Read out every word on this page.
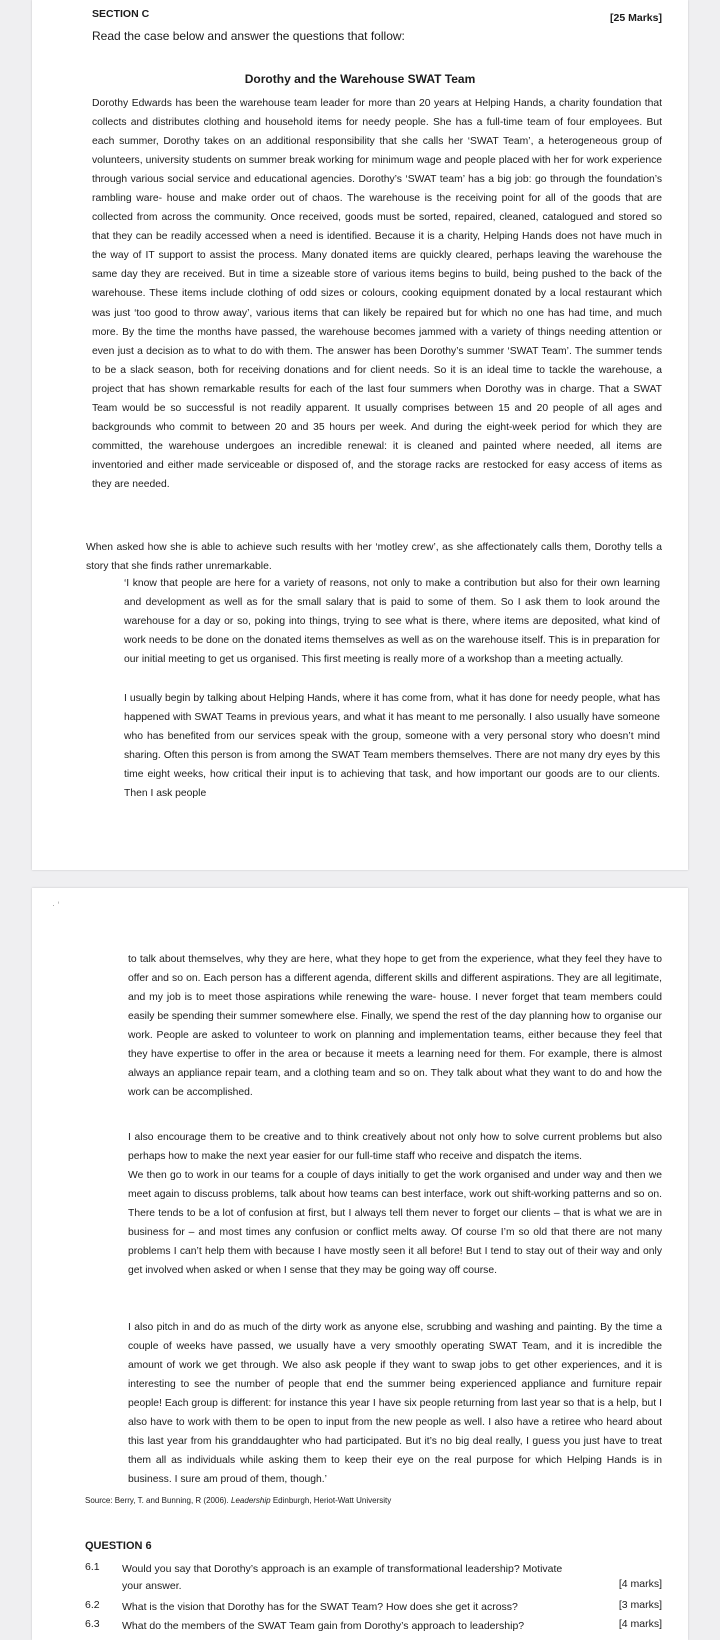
SECTION C	[25 Marks]
Read the case below and answer the questions that follow:
Dorothy and the Warehouse SWAT Team
Dorothy Edwards has been the warehouse team leader for more than 20 years at Helping Hands, a charity foundation that collects and distributes clothing and household items for needy people. She has a full-time team of four employees. But each summer, Dorothy takes on an additional responsibility that she calls her ‘SWAT Team’, a heterogeneous group of volunteers, university students on summer break working for minimum wage and people placed with her for work experience through various social service and educational agencies. Dorothy’s ‘SWAT team’ has a big job: go through the foundation’s rambling ware- house and make order out of chaos. The warehouse is the receiving point for all of the goods that are collected from across the community. Once received, goods must be sorted, repaired, cleaned, catalogued and stored so that they can be readily accessed when a need is identified. Because it is a charity, Helping Hands does not have much in the way of IT support to assist the process. Many donated items are quickly cleared, perhaps leaving the warehouse the same day they are received. But in time a sizeable store of various items begins to build, being pushed to the back of the warehouse. These items include clothing of odd sizes or colours, cooking equipment donated by a local restaurant which was just ‘too good to throw away’, various items that can likely be repaired but for which no one has had time, and much more. By the time the months have passed, the warehouse becomes jammed with a variety of things needing attention or even just a decision as to what to do with them. The answer has been Dorothy’s summer ‘SWAT Team’. The summer tends to be a slack season, both for receiving donations and for client needs. So it is an ideal time to tackle the warehouse, a project that has shown remarkable results for each of the last four summers when Dorothy was in charge. That a SWAT Team would be so successful is not readily apparent. It usually comprises between 15 and 20 people of all ages and backgrounds who commit to between 20 and 35 hours per week. And during the eight-week period for which they are committed, the warehouse undergoes an incredible renewal: it is cleaned and painted where needed, all items are inventoried and either made serviceable or disposed of, and the storage racks are restocked for easy access of items as they are needed.
When asked how she is able to achieve such results with her ‘motley crew’, as she affectionately calls them, Dorothy tells a story that she finds rather unremarkable.
‘I know that people are here for a variety of reasons, not only to make a contribution but also for their own learning and development as well as for the small salary that is paid to some of them. So I ask them to look around the warehouse for a day or so, poking into things, trying to see what is there, where items are deposited, what kind of work needs to be done on the donated items themselves as well as on the warehouse itself. This is in preparation for our initial meeting to get us organised. This first meeting is really more of a workshop than a meeting actually.
I usually begin by talking about Helping Hands, where it has come from, what it has done for needy people, what has happened with SWAT Teams in previous years, and what it has meant to me personally. I also usually have someone who has benefited from our services speak with the group, someone with a very personal story who doesn’t mind sharing. Often this person is from among the SWAT Team members themselves. There are not many dry eyes by this time eight weeks, how critical their input is to achieving that task, and how important our goods are to our clients. Then I ask people
· ‘
to talk about themselves, why they are here, what they hope to get from the experience, what they feel they have to offer and so on. Each person has a different agenda, different skills and different aspirations. They are all legitimate, and my job is to meet those aspirations while renewing the ware- house. I never forget that team members could easily be spending their summer somewhere else. Finally, we spend the rest of the day planning how to organise our work. People are asked to volunteer to work on planning and implementation teams, either because they feel that they have expertise to offer in the area or because it meets a learning need for them. For example, there is almost always an appliance repair team, and a clothing team and so on. They talk about what they want to do and how the work can be accomplished.
I also encourage them to be creative and to think creatively about not only how to solve current problems but also perhaps how to make the next year easier for our full-time staff who receive and dispatch the items.
We then go to work in our teams for a couple of days initially to get the work organised and under way and then we meet again to discuss problems, talk about how teams can best interface, work out shift-working patterns and so on. There tends to be a lot of confusion at first, but I always tell them never to forget our clients – that is what we are in business for – and most times any confusion or conflict melts away. Of course I’m so old that there are not many problems I can’t help them with because I have mostly seen it all before! But I tend to stay out of their way and only get involved when asked or when I sense that they may be going way off course.
I also pitch in and do as much of the dirty work as anyone else, scrubbing and washing and painting. By the time a couple of weeks have passed, we usually have a very smoothly operating SWAT Team, and it is incredible the amount of work we get through. We also ask people if they want to swap jobs to get other experiences, and it is interesting to see the number of people that end the summer being experienced appliance and furniture repair people! Each group is different: for instance this year I have six people returning from last year so that is a help, but I also have to work with them to be open to input from the new people as well. I also have a retiree who heard about this last year from his granddaughter who had participated. But it’s no big deal really, I guess you just have to treat them all as individuals while asking them to keep their eye on the real purpose for which Helping Hands is in business. I sure am proud of them, though.’
Source: Berry, T. and Bunning, R (2006). Leadership Edinburgh, Heriot-Watt University
QUESTION 6
6.1 Would you say that Dorothy’s approach is an example of transformational leadership? Motivate your answer.	[4 marks]
6.2 What is the vision that Dorothy has for the SWAT Team? How does she get it across?	[3 marks]
6.3 What do the members of the SWAT Team gain from Dorothy’s approach to leadership?	[4 marks]
